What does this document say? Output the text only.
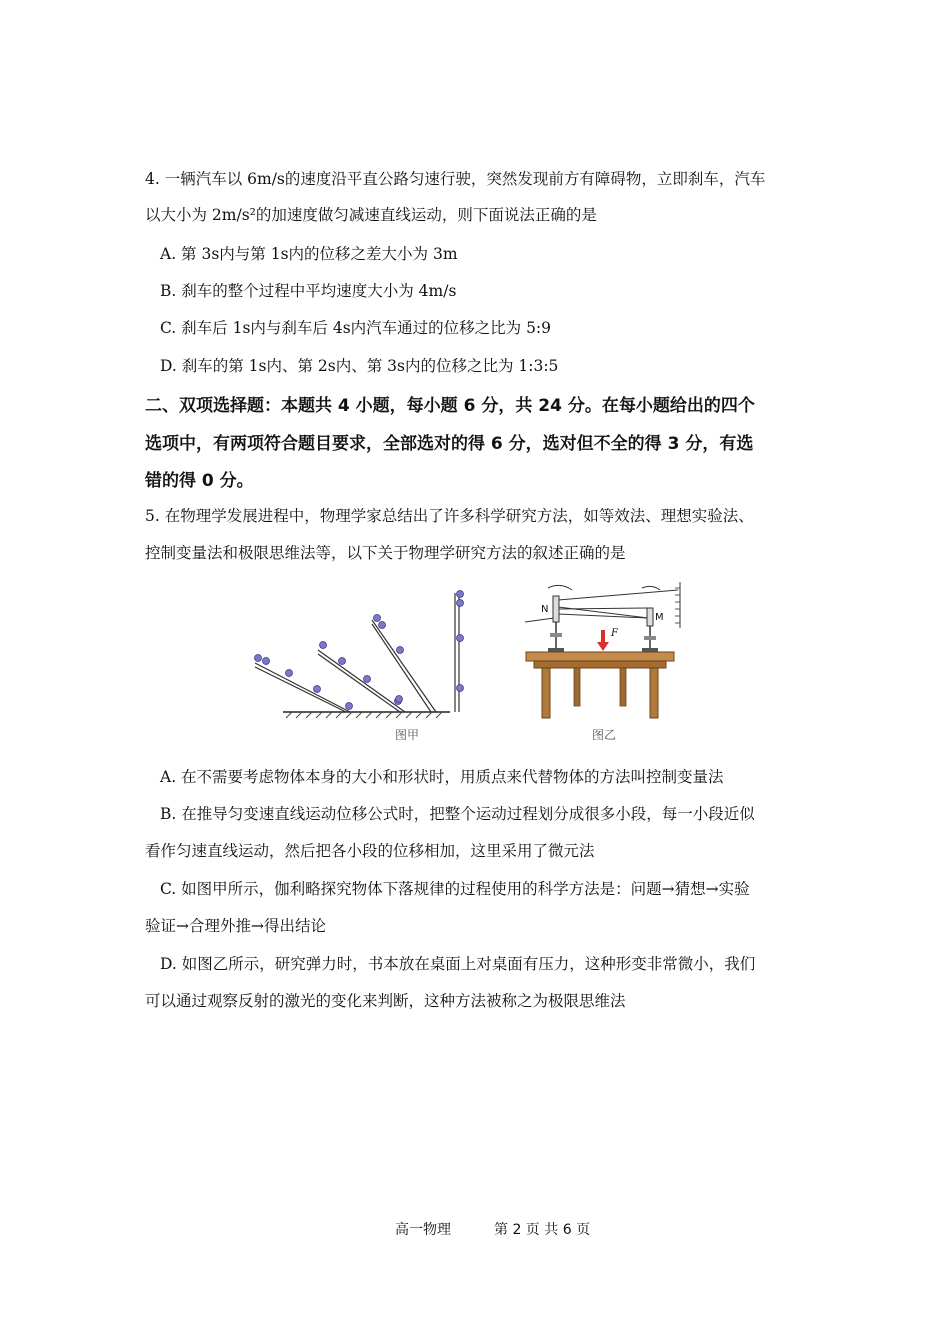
4. 一辆汽车以 6m/s的速度沿平直公路匀速行驶，突然发现前方有障碍物，立即刹车，汽车
以大小为 2m/s²的加速度做匀减速直线运动，则下面说法正确的是
A. 第 3s内与第 1s内的位移之差大小为 3m
B. 刹车的整个过程中平均速度大小为 4m/s
C. 刹车后 1s内与刹车后 4s内汽车通过的位移之比为 5:9
D. 刹车的第 1s内、第 2s内、第 3s内的位移之比为 1:3:5
二、双项选择题：本题共 4 小题，每小题 6 分，共 24 分。在每小题给出的四个
选项中，有两项符合题目要求，全部选对的得 6 分，选对但不全的得 3 分，有选
错的得 0 分。
5. 在物理学发展进程中，物理学家总结出了许多科学研究方法，如等效法、理想实验法、
控制变量法和极限思维法等，以下关于物理学研究方法的叙述正确的是
图甲
N
M
F
图乙
A. 在不需要考虑物体本身的大小和形状时，用质点来代替物体的方法叫控制变量法
B. 在推导匀变速直线运动位移公式时，把整个运动过程划分成很多小段，每一小段近似
看作匀速直线运动，然后把各小段的位移相加，这里采用了微元法
C. 如图甲所示，伽利略探究物体下落规律的过程使用的科学方法是：问题→猜想→实验
验证→合理外推→得出结论
D. 如图乙所示，研究弹力时，书本放在桌面上对桌面有压力，这种形变非常微小，我们
可以通过观察反射的激光的变化来判断，这种方法被称之为极限思维法
高一物理	第 2 页 共 6 页
